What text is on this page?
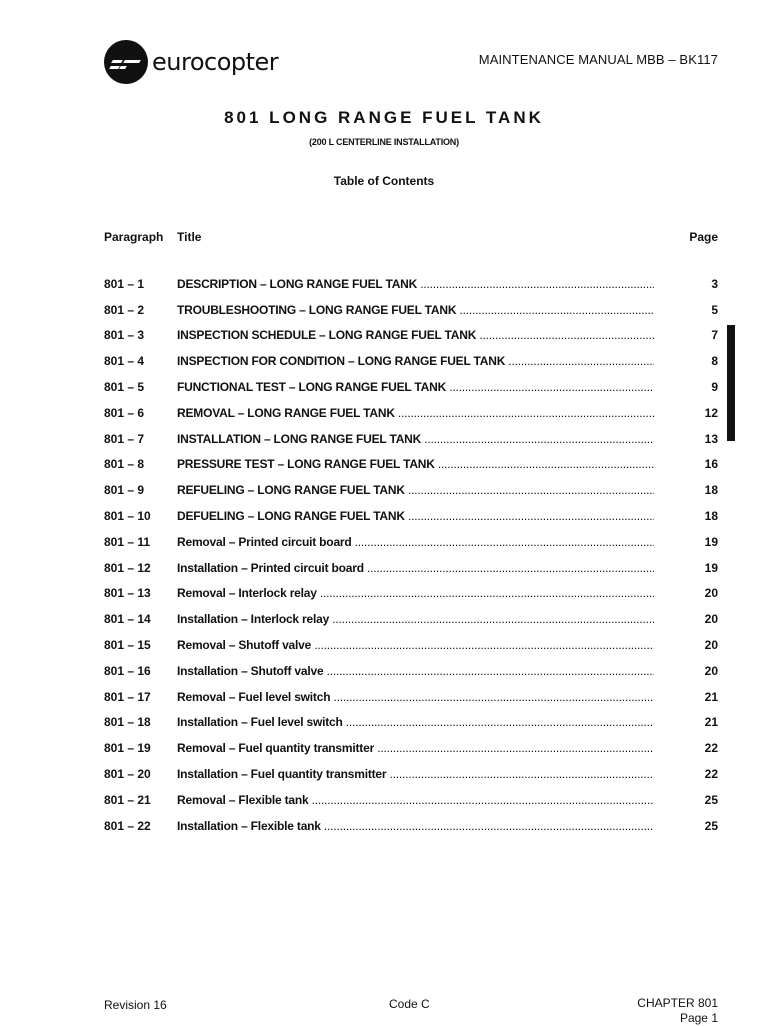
eurocopter	MAINTENANCE MANUAL MBB – BK117
801 LONG RANGE FUEL TANK
(200 L CENTERLINE INSTALLATION)
Table of Contents
Paragraph Title	Page
801 – 1	DESCRIPTION – LONG RANGE FUEL TANK .....	3
801 – 2	TROUBLESHOOTING – LONG RANGE FUEL TANK .....	5
801 – 3	INSPECTION SCHEDULE – LONG RANGE FUEL TANK .....	7
801 – 4	INSPECTION FOR CONDITION – LONG RANGE FUEL TANK .....	8
801 – 5	FUNCTIONAL TEST – LONG RANGE FUEL TANK .....	9
801 – 6	REMOVAL – LONG RANGE FUEL TANK .....	12
801 – 7	INSTALLATION – LONG RANGE FUEL TANK .....	13
801 – 8	PRESSURE TEST – LONG RANGE FUEL TANK .....	16
801 – 9	REFUELING – LONG RANGE FUEL TANK .....	18
801 – 10	DEFUELING – LONG RANGE FUEL TANK .....	18
801 – 11	Removal – Printed circuit board .....	19
801 – 12	Installation – Printed circuit board .....	19
801 – 13	Removal – Interlock relay .....	20
801 – 14	Installation – Interlock relay .....	20
801 – 15	Removal – Shutoff valve .....	20
801 – 16	Installation – Shutoff valve .....	20
801 – 17	Removal – Fuel level switch .....	21
801 – 18	Installation – Fuel level switch .....	21
801 – 19	Removal – Fuel quantity transmitter .....	22
801 – 20	Installation – Fuel quantity transmitter .....	22
801 – 21	Removal – Flexible tank .....	25
801 – 22	Installation – Flexible tank .....	25
Revision 16	Code C	CHAPTER 801
Page 1
